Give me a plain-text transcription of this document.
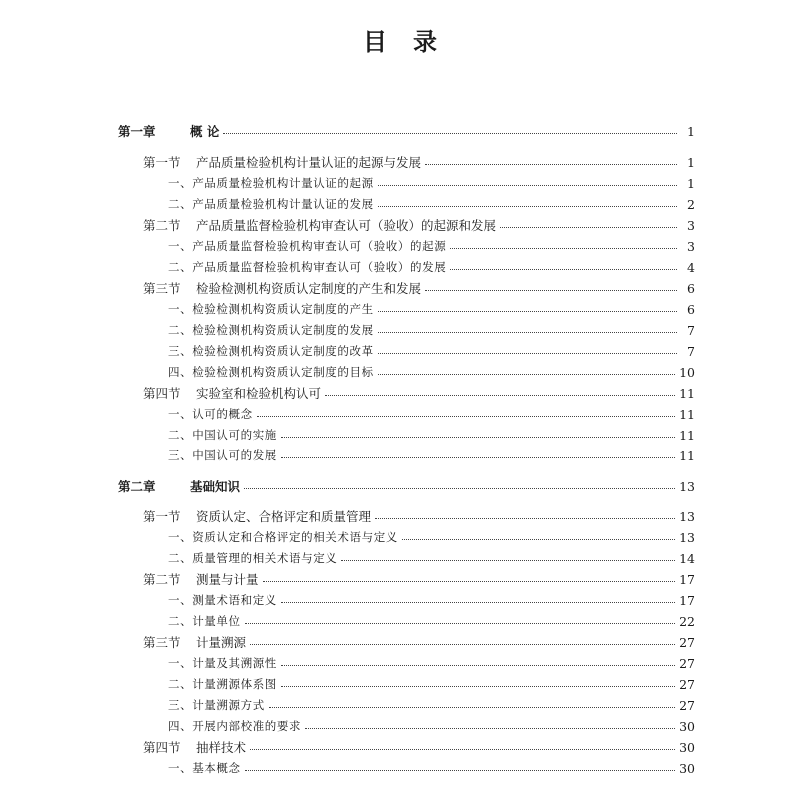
目录
第一章	概 论	1
第一节	产品质量检验机构计量认证的起源与发展	1
一、产品质量检验机构计量认证的起源	1
二、产品质量检验机构计量认证的发展	2
第二节	产品质量监督检验机构审查认可（验收）的起源和发展	3
一、产品质量监督检验机构审查认可（验收）的起源	3
二、产品质量监督检验机构审查认可（验收）的发展	4
第三节	检验检测机构资质认定制度的产生和发展	6
一、检验检测机构资质认定制度的产生	6
二、检验检测机构资质认定制度的发展	7
三、检验检测机构资质认定制度的改革	7
四、检验检测机构资质认定制度的目标	10
第四节	实验室和检验机构认可	11
一、认可的概念	11
二、中国认可的实施	11
三、中国认可的发展	11
第二章	基础知识	13
第一节	资质认定、合格评定和质量管理	13
一、资质认定和合格评定的相关术语与定义	13
二、质量管理的相关术语与定义	14
第二节	测量与计量	17
一、测量术语和定义	17
二、计量单位	22
第三节	计量溯源	27
一、计量及其溯源性	27
二、计量溯源体系图	27
三、计量溯源方式	27
四、开展内部校准的要求	30
第四节	抽样技术	30
一、基本概念	30
